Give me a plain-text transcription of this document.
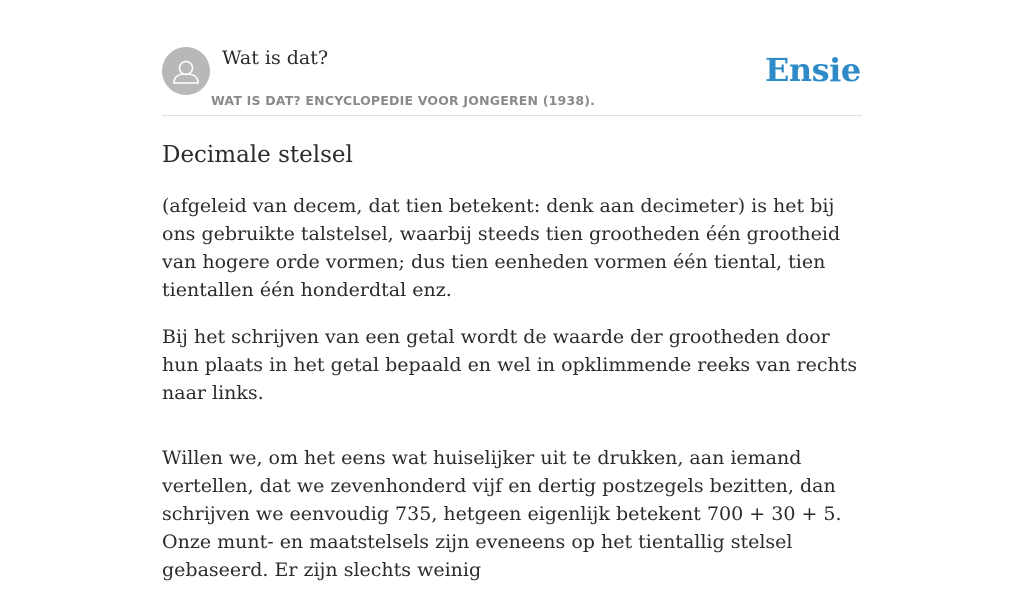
Wat is dat?
WAT IS DAT? ENCYCLOPEDIE VOOR JONGEREN (1938).
Ensie
Decimale stelsel

(afgeleid van decem, dat tien betekent: denk aan decimeter) is het bij ons gebruikte talstelsel, waarbij steeds tien grootheden één grootheid van hogere orde vormen; dus tien eenheden vormen één tiental, tien tientallen één honderdtal enz.

Bij het schrijven van een getal wordt de waarde der grootheden door hun plaats in het getal bepaald en wel in opklimmende reeks van rechts naar links.

Willen we, om het eens wat huiselijker uit te drukken, aan iemand vertellen, dat we zevenhonderd vijf en dertig postzegels bezitten, dan schrijven we eenvoudig 735, hetgeen eigenlijk betekent 700 + 30 + 5. Onze munt- en maatstelsels zijn eveneens op het tientallig stelsel gebaseerd. Er zijn slechts weinig
